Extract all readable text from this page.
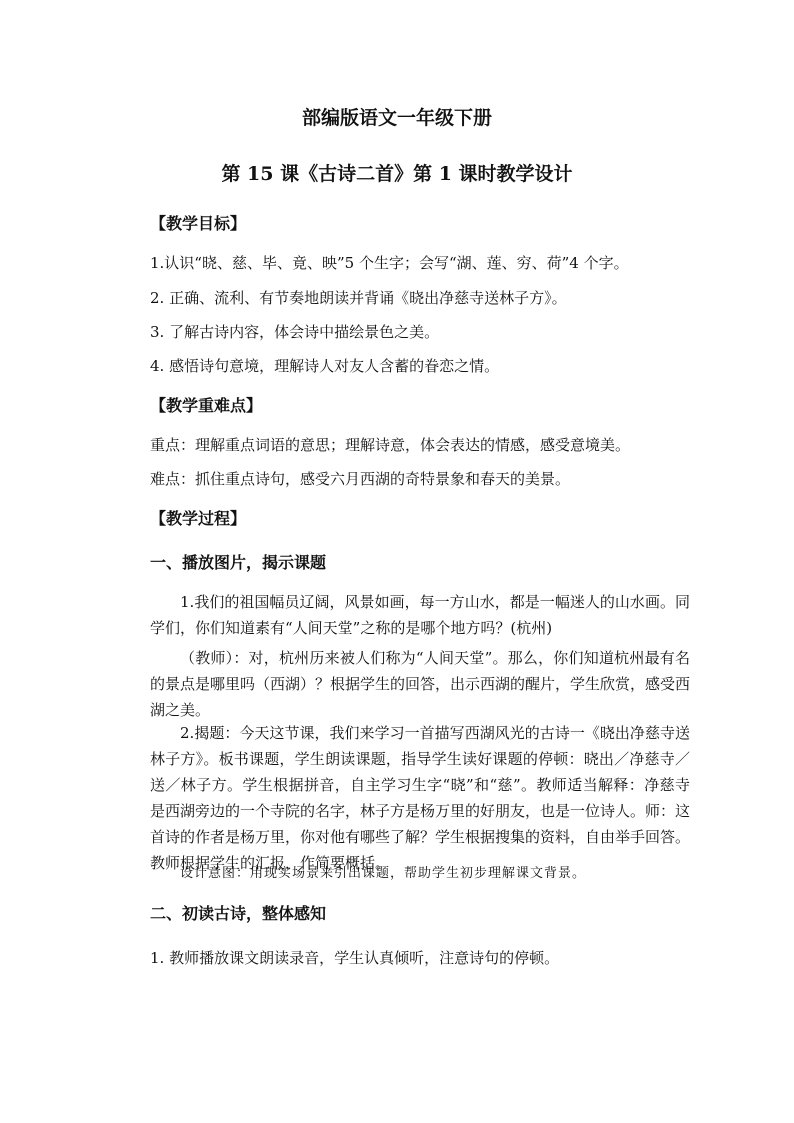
部编版语文一年级下册
第 15 课《古诗二首》第 1 课时教学设计
【教学目标】
1.认识“晓、慈、毕、竟、映”5 个生字；会写“湖、莲、穷、荷”4 个字。
2. 正确、流利、有节奏地朗读并背诵《晓出净慈寺送林子方》。
3. 了解古诗内容，体会诗中描绘景色之美。
4. 感悟诗句意境，理解诗人对友人含蓄的眷恋之情。
【教学重难点】
重点：理解重点词语的意思；理解诗意，体会表达的情感，感受意境美。
难点：抓住重点诗句，感受六月西湖的奇特景象和春天的美景。
【教学过程】
一、播放图片，揭示课题
1.我们的祖国幅员辽阔，风景如画，每一方山水，都是一幅迷人的山水画。同学们，你们知道素有“人间天堂”之称的是哪个地方吗？(杭州)
（教师）：对，杭州历来被人们称为“人间天堂”。那么，你们知道杭州最有名的景点是哪里吗（西湖）？根据学生的回答，出示西湖的醒片，学生欣赏，感受西湖之美。
2.揭题：今天这节课，我们来学习一首描写西湖风光的古诗一《晓出净慈寺送林子方》。板书课题，学生朗读课题，指导学生读好课题的停顿：晓出／净慈寺／送／林子方。学生根据拼音，自主学习生字“晓”和“慈”。教师适当解释：净慈寺是西湖旁边的一个寺院的名字，林子方是杨万里的好朋友，也是一位诗人。师：这首诗的作者是杨万里，你对他有哪些了解？学生根据搜集的资料，自由举手回答。教师根据学生的汇报，作简要概括。
设计意图：用现实场景来引出课题，帮助学生初步理解课文背景。
二、初读古诗，整体感知
1. 教师播放课文朗读录音，学生认真倾听，注意诗句的停顿。
